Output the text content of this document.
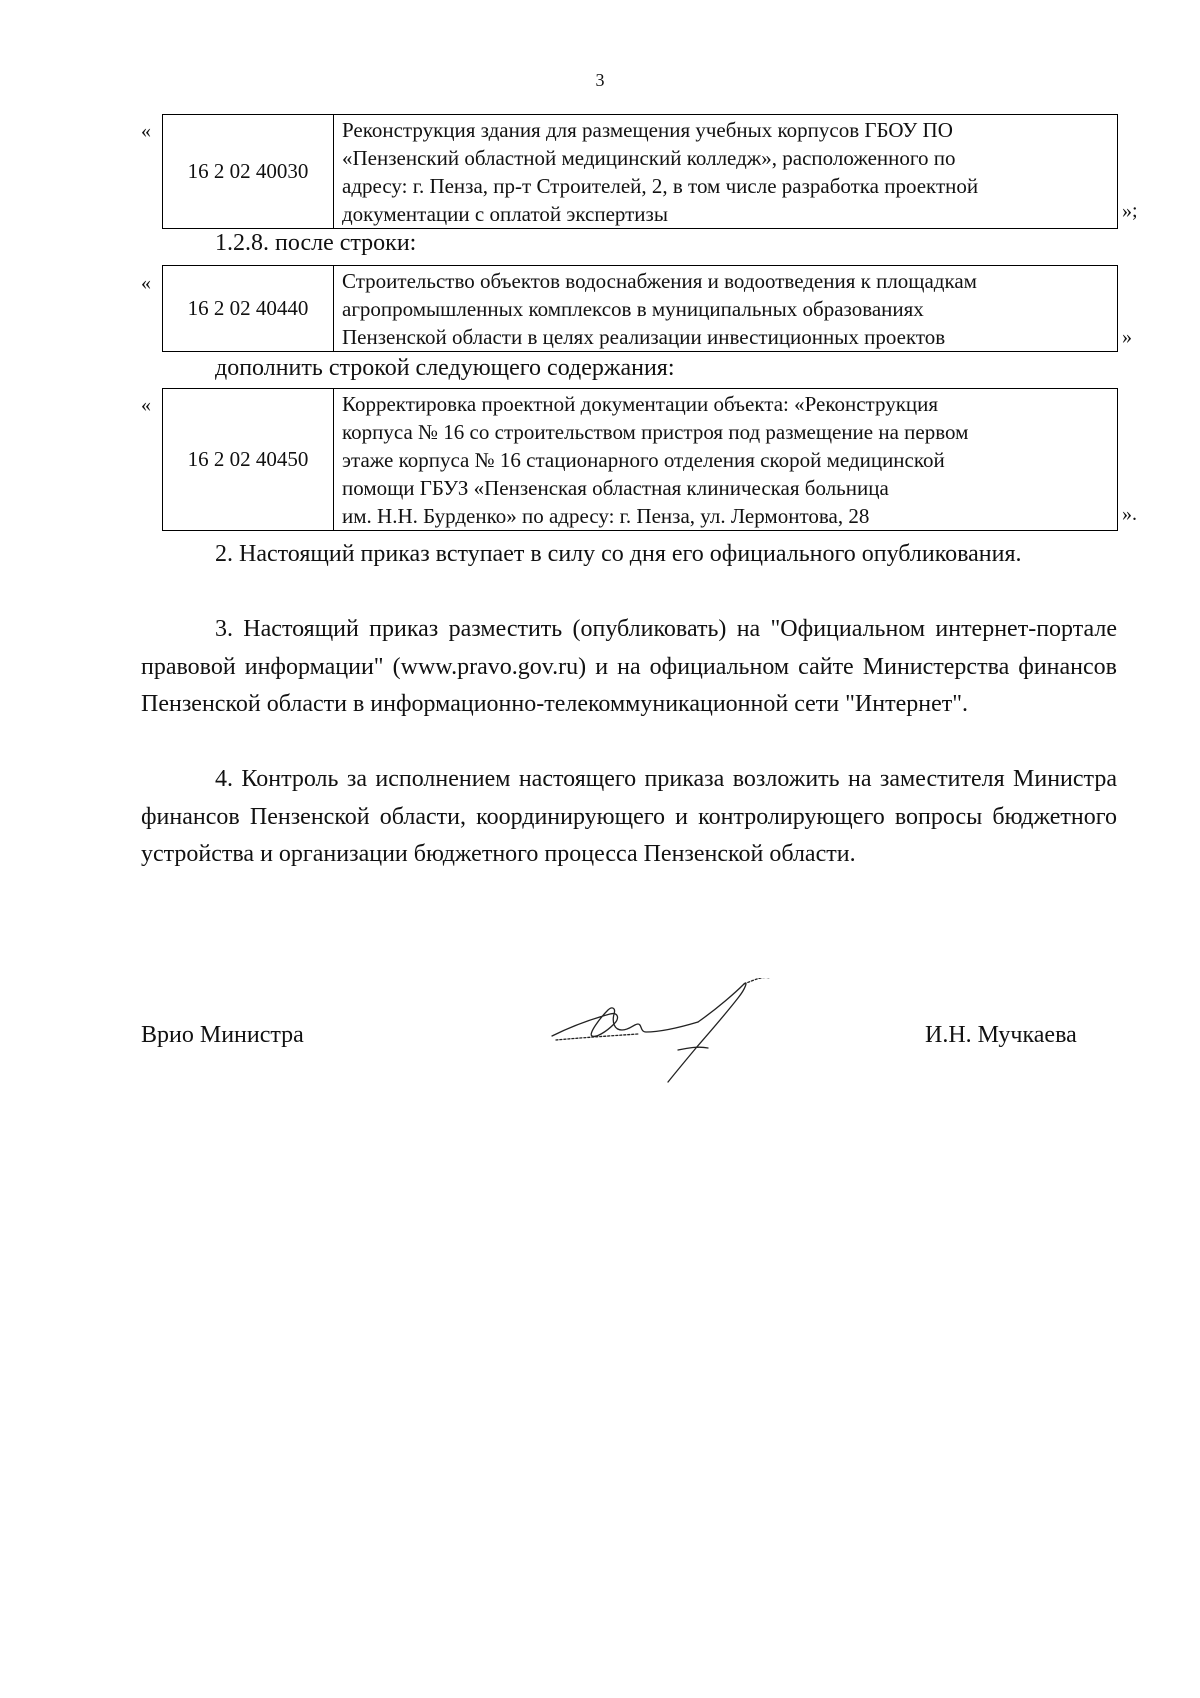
3
«
16 2 02 40030	
Реконструкция здания для размещения учебных корпусов ГБОУ ПО
«Пензенский областной медицинский колледж», расположенного по
адресу: г. Пенза, пр-т Строителей, 2, в том числе разработка проектной
документации с оплатой экспертизы	»;
1.2.8. после строки:
«
16 2 02 40440	
Строительство объектов водоснабжения и водоотведения к площадкам
агропромышленных комплексов в муниципальных образованиях
Пензенской области в целях реализации инвестиционных проектов	»
дополнить строкой следующего содержания:
«
16 2 02 40450	
Корректировка проектной документации объекта: «Реконструкция
корпуса № 16 со строительством пристроя под размещение на первом
этаже корпуса № 16 стационарного отделения скорой медицинской
помощи ГБУЗ «Пензенская областная клиническая больница
им. Н.Н. Бурденко» по адресу: г. Пенза, ул. Лермонтова, 28	».

2. Настоящий приказ вступает в силу со дня его официального опубликования.

3. Настоящий приказ разместить (опубликовать) на "Официальном интернет-портале правовой информации" (www.pravo.gov.ru) и на официальном сайте Министерства финансов Пензенской области в информационно-телекоммуникационной сети "Интернет".

4. Контроль за исполнением настоящего приказа возложить на заместителя Министра финансов Пензенской области, координирующего и контролирующего вопросы бюджетного устройства и организации бюджетного процесса Пензенской области.

Врио Министра	И.Н. Мучкаева
